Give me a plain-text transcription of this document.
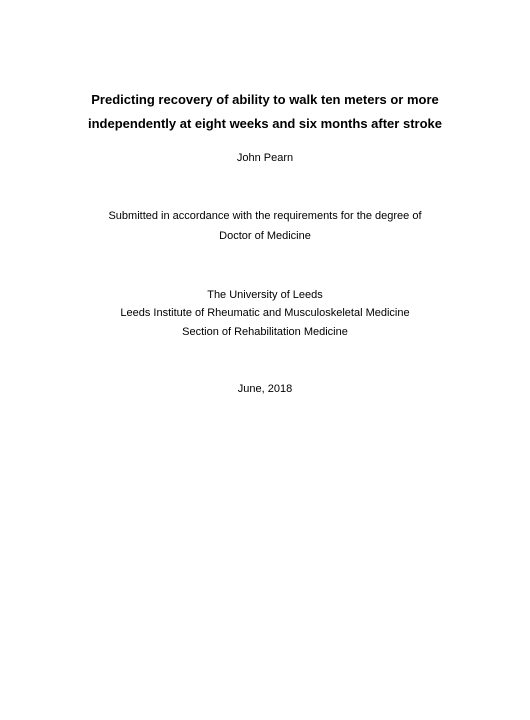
Predicting recovery of ability to walk ten meters or more
independently at eight weeks and six months after stroke
John Pearn
Submitted in accordance with the requirements for the degree of
Doctor of Medicine
The University of Leeds
Leeds Institute of Rheumatic and Musculoskeletal Medicine
Section of Rehabilitation Medicine
June, 2018
